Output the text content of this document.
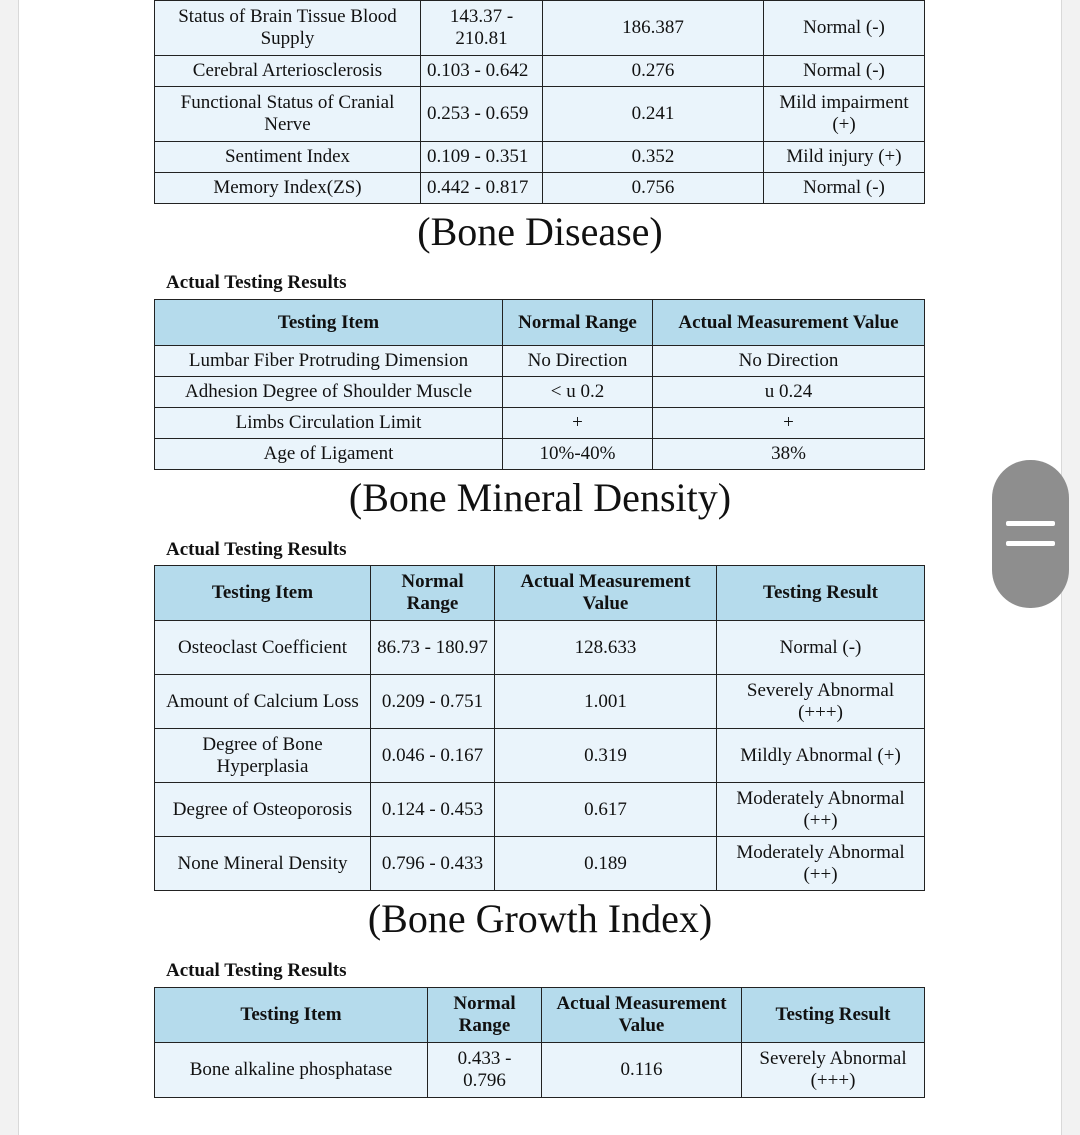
Status of Brain Tissue Blood Supply	143.37 - 210.81	186.387	Normal (-)
Cerebral Arteriosclerosis	0.103 - 0.642	0.276	Normal (-)
Functional Status of Cranial Nerve	0.253 - 0.659	0.241	Mild impairment (+)
Sentiment Index	0.109 - 0.351	0.352	Mild injury (+)
Memory Index(ZS)	0.442 - 0.817	0.756	Normal (-)
(Bone Disease)
Actual Testing Results
Testing Item	Normal Range	Actual Measurement Value
Lumbar Fiber Protruding Dimension	No Direction	No Direction
Adhesion Degree of Shoulder Muscle	< u 0.2	u 0.24
Limbs Circulation Limit	+	+
Age of Ligament	10%-40%	38%
(Bone Mineral Density)
Actual Testing Results
Testing Item	Normal Range	Actual Measurement Value	Testing Result
Osteoclast Coefficient	86.73 - 180.97	128.633	Normal (-)
Amount of Calcium Loss	0.209 - 0.751	1.001	Severely Abnormal (+++)
Degree of Bone Hyperplasia	0.046 - 0.167	0.319	Mildly Abnormal (+)
Degree of Osteoporosis	0.124 - 0.453	0.617	Moderately Abnormal (++)
None Mineral Density	0.796 - 0.433	0.189	Moderately Abnormal (++)
(Bone Growth Index)
Actual Testing Results
Testing Item	Normal Range	Actual Measurement Value	Testing Result
Bone alkaline phosphatase	0.433 - 0.796	0.116	Severely Abnormal (+++)
